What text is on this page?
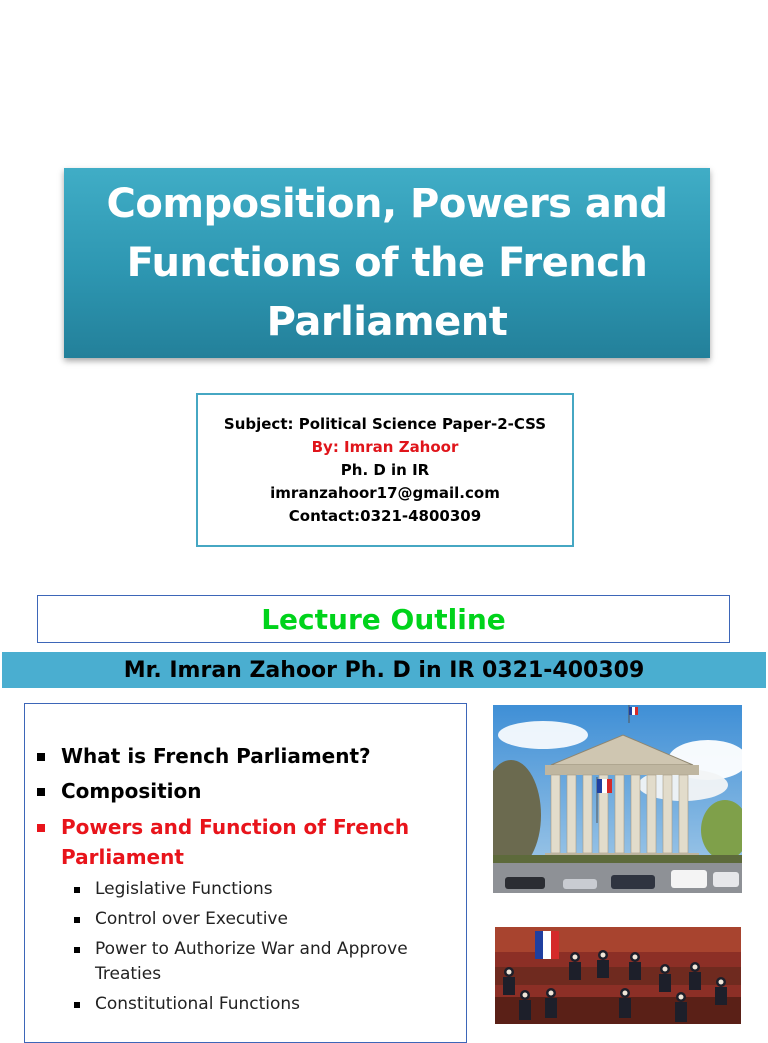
Composition, Powers and
Functions of the French
Parliament
Subject: Political Science Paper-2-CSS
By: Imran Zahoor
Ph. D in IR
imranzahoor17@gmail.com
Contact:0321-4800309
Lecture Outline
Mr. Imran Zahoor Ph. D in IR 0321-400309
What is French Parliament?
Composition
Powers and Function of French
Parliament
Legislative Functions
Control over Executive
Power to Authorize War and Approve
Treaties
Constitutional Functions
